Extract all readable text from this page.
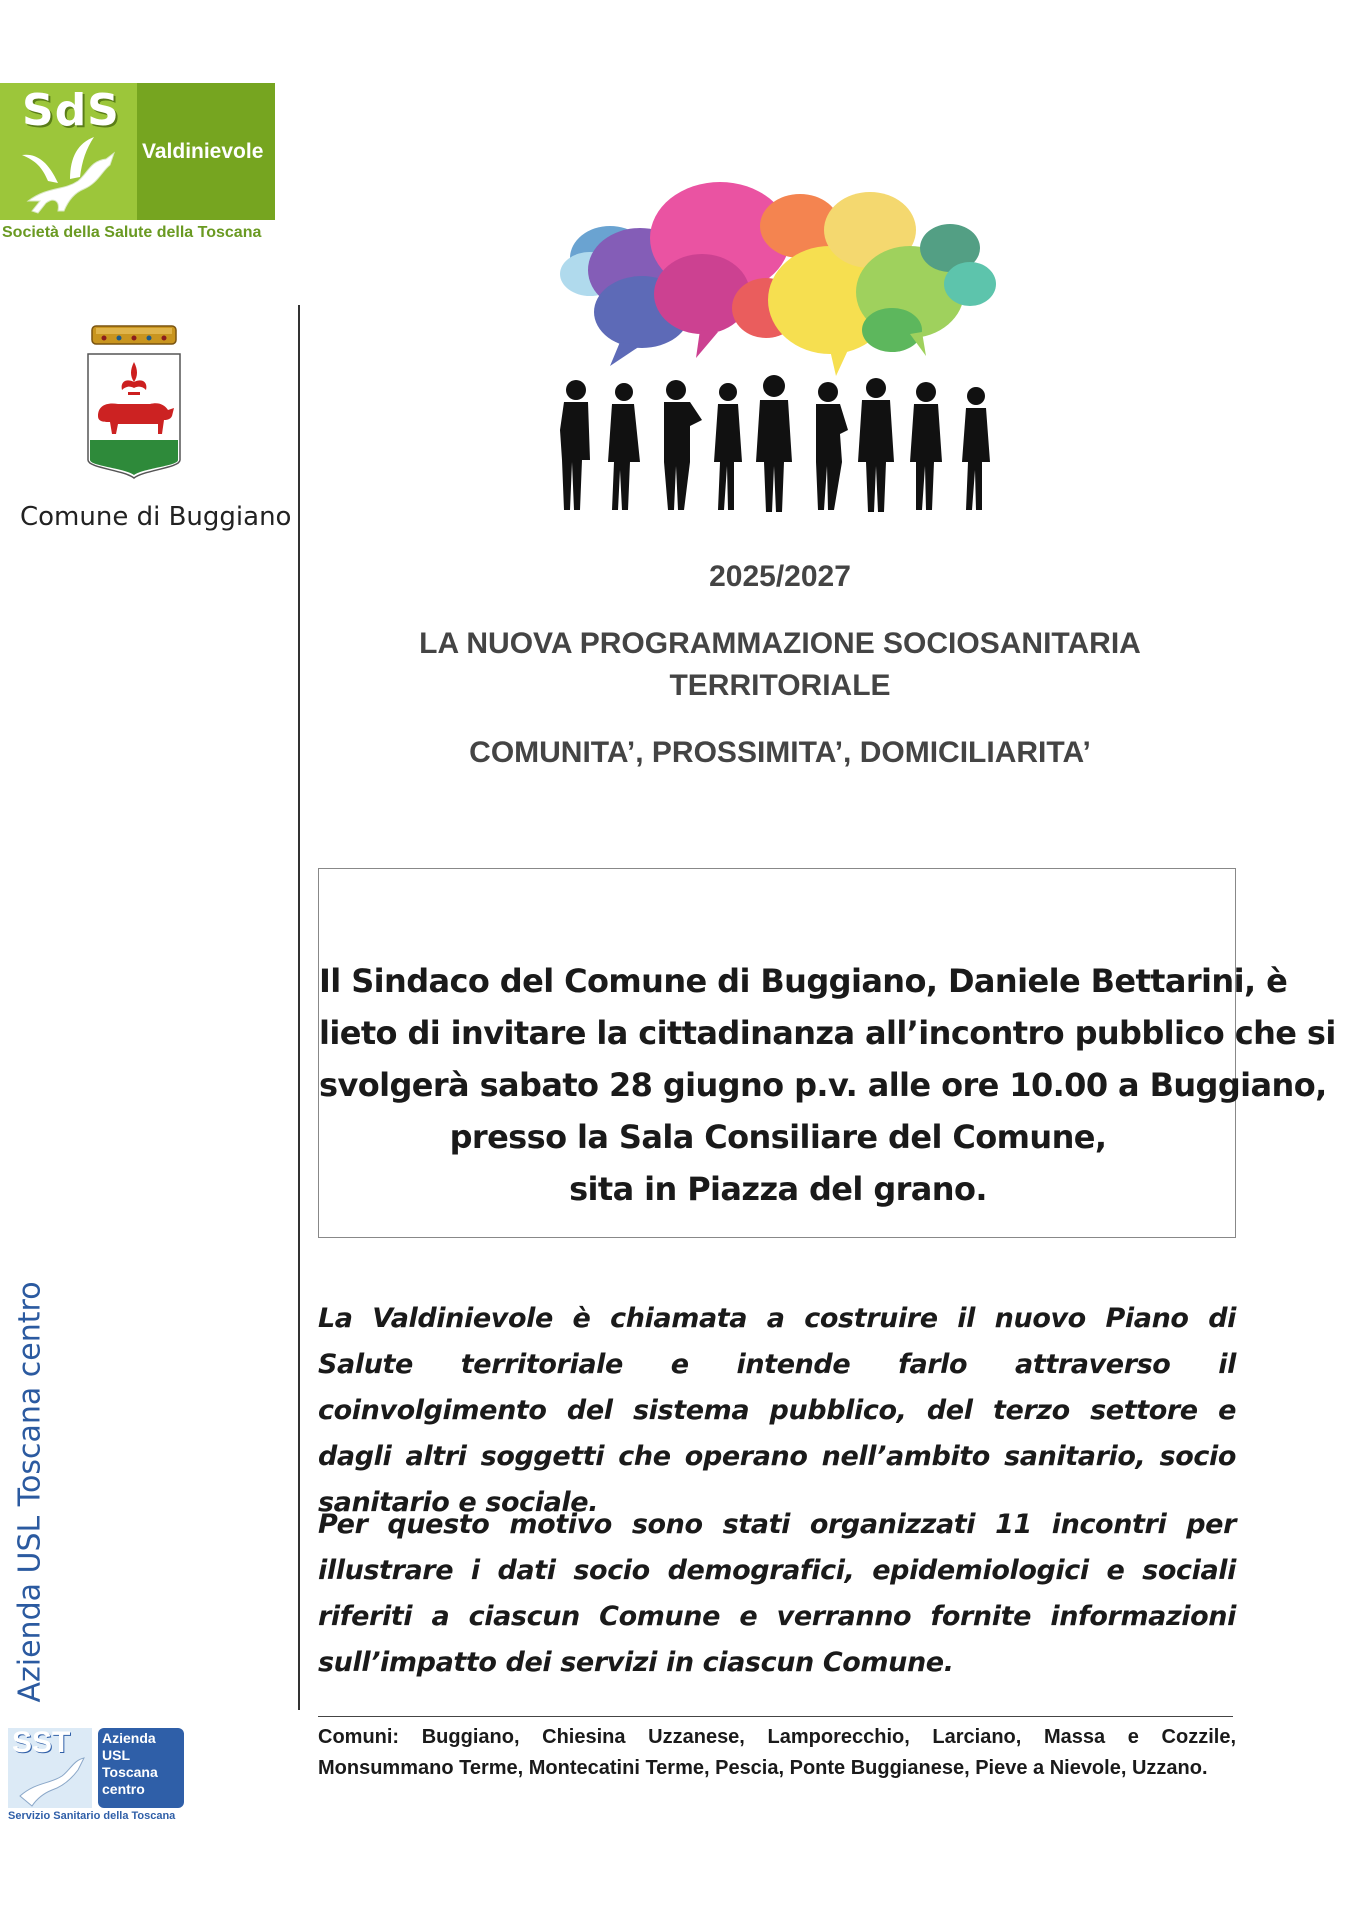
SdS
Valdinievole
Società della Salute della Toscana
Comune di Buggiano
Azienda USL Toscana centro
SST Azienda
USL
Toscana
centro
Servizio Sanitario della Toscana
2025/2027
LA NUOVA PROGRAMMAZIONE SOCIOSANITARIA
TERRITORIALE
COMUNITA’, PROSSIMITA’, DOMICILIARITA’
Il Sindaco del Comune di Buggiano, Daniele Bettarini, è
lieto di invitare la cittadinanza all’incontro pubblico che si
svolgerà sabato 28 giugno p.v. alle ore 10.00 a Buggiano,
presso la Sala Consiliare del Comune,
sita in Piazza del grano.
La Valdinievole è chiamata a costruire il nuovo Piano di Salute territoriale e intende farlo attraverso il coinvolgimento del sistema pubblico, del terzo settore e dagli altri soggetti che operano nell’ambito sanitario, socio sanitario e sociale.
Per questo motivo sono stati organizzati 11 incontri per illustrare i dati socio demografici, epidemiologici e sociali riferiti a ciascun Comune e verranno fornite informazioni sull’impatto dei servizi in ciascun Comune.
Comuni: Buggiano, Chiesina Uzzanese, Lamporecchio, Larciano, Massa e Cozzile, Monsummano Terme, Montecatini Terme, Pescia, Ponte Buggianese, Pieve a Nievole, Uzzano.
